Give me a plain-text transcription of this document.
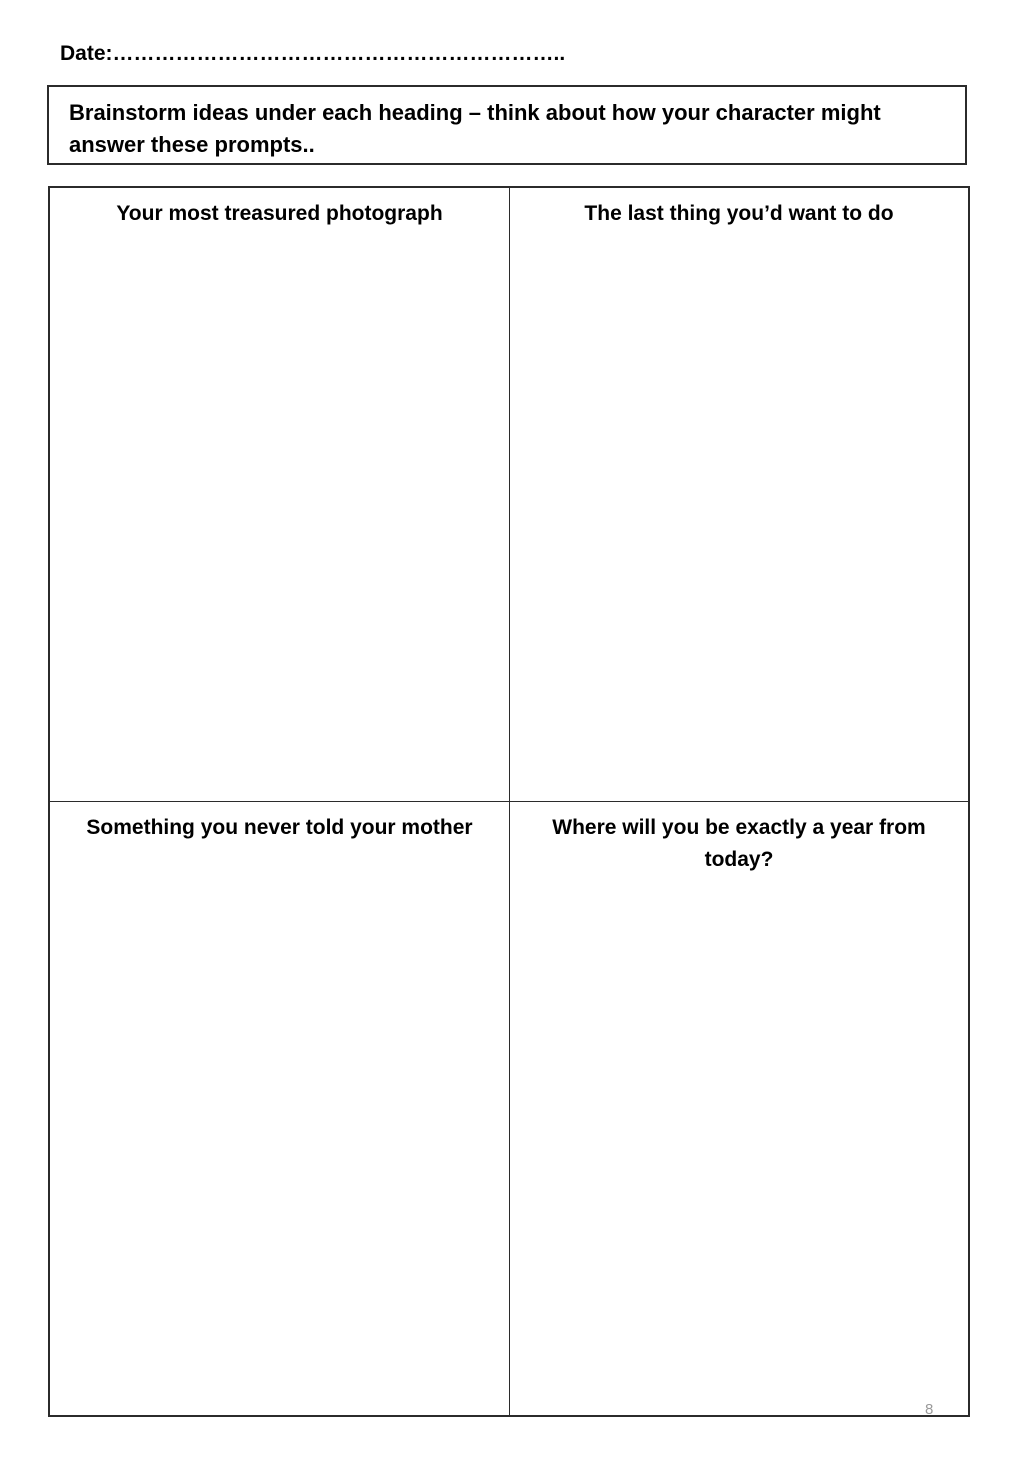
Date:………………………………………………………..
Brainstorm ideas under each heading – think about how your character might
answer these prompts..
Your most treasured photograph	The last thing you’d want to do
Something you never told your mother	Where will you be exactly a year from today?
8
